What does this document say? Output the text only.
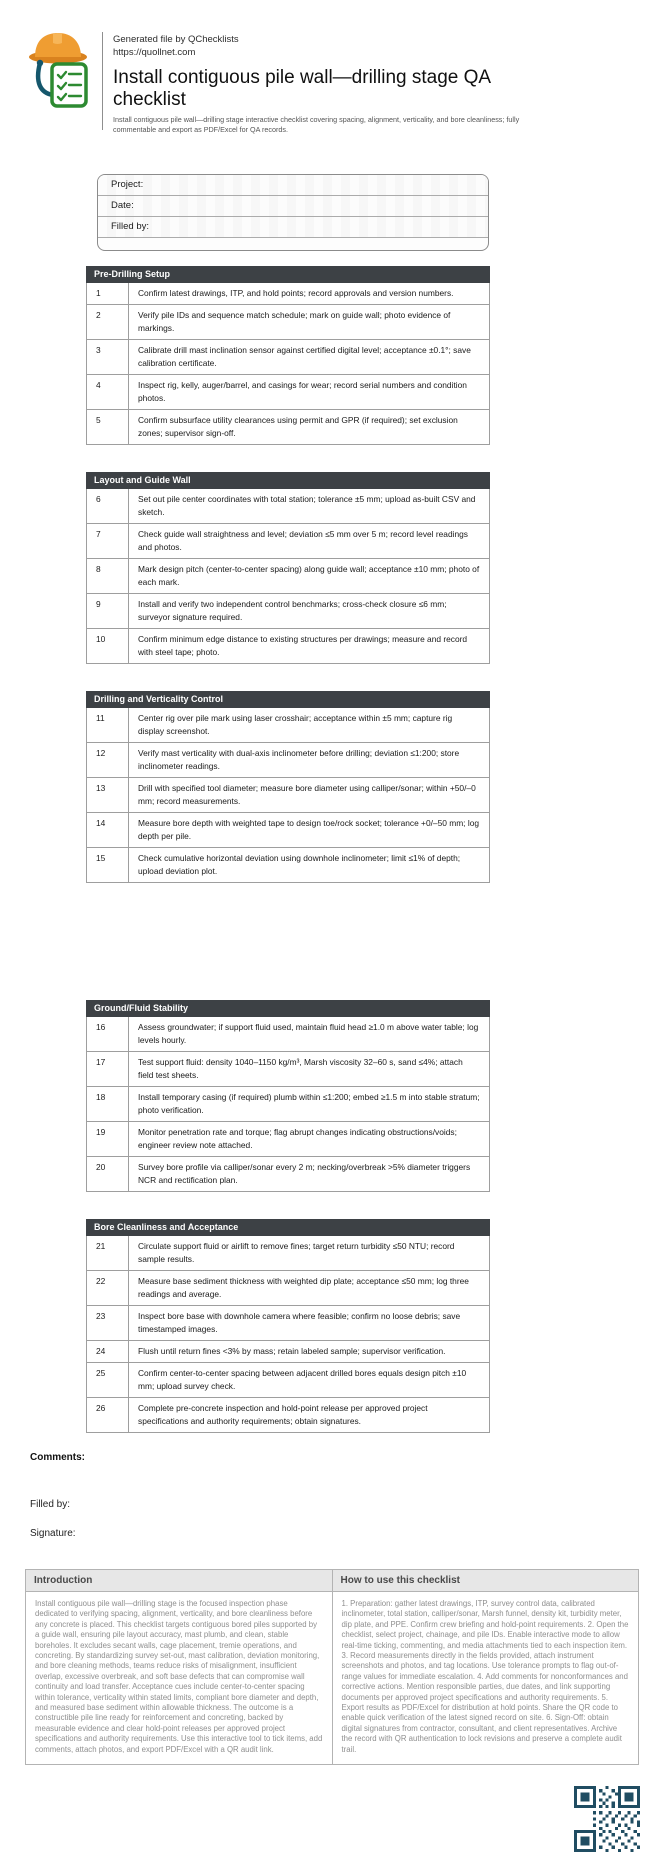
Generated file by QChecklists
https://quollnet.com
Install contiguous pile wall—drilling stage QA checklist
Install contiguous pile wall—drilling stage interactive checklist covering spacing, alignment, verticality, and bore cleanliness; fully commentable and export as PDF/Excel for QA records.
Project:
Date:
Filled by:
Pre-Drilling Setup
1	Confirm latest drawings, ITP, and hold points; record approvals and version numbers.
2	Verify pile IDs and sequence match schedule; mark on guide wall; photo evidence of markings.
3	Calibrate drill mast inclination sensor against certified digital level; acceptance ±0.1°; save calibration certificate.
4	Inspect rig, kelly, auger/barrel, and casings for wear; record serial numbers and condition photos.
5	Confirm subsurface utility clearances using permit and GPR (if required); set exclusion zones; supervisor sign-off.
Layout and Guide Wall
6	Set out pile center coordinates with total station; tolerance ±5 mm; upload as-built CSV and sketch.
7	Check guide wall straightness and level; deviation ≤5 mm over 5 m; record level readings and photos.
8	Mark design pitch (center-to-center spacing) along guide wall; acceptance ±10 mm; photo of each mark.
9	Install and verify two independent control benchmarks; cross-check closure ≤6 mm; surveyor signature required.
10	Confirm minimum edge distance to existing structures per drawings; measure and record with steel tape; photo.
Drilling and Verticality Control
11	Center rig over pile mark using laser crosshair; acceptance within ±5 mm; capture rig display screenshot.
12	Verify mast verticality with dual-axis inclinometer before drilling; deviation ≤1:200; store inclinometer readings.
13	Drill with specified tool diameter; measure bore diameter using calliper/sonar; within +50/–0 mm; record measurements.
14	Measure bore depth with weighted tape to design toe/rock socket; tolerance +0/–50 mm; log depth per pile.
15	Check cumulative horizontal deviation using downhole inclinometer; limit ≤1% of depth; upload deviation plot.
Ground/Fluid Stability
16	Assess groundwater; if support fluid used, maintain fluid head ≥1.0 m above water table; log levels hourly.
17	Test support fluid: density 1040–1150 kg/m³, Marsh viscosity 32–60 s, sand ≤4%; attach field test sheets.
18	Install temporary casing (if required) plumb within ≤1:200; embed ≥1.5 m into stable stratum; photo verification.
19	Monitor penetration rate and torque; flag abrupt changes indicating obstructions/voids; engineer review note attached.
20	Survey bore profile via calliper/sonar every 2 m; necking/overbreak >5% diameter triggers NCR and rectification plan.
Bore Cleanliness and Acceptance
21	Circulate support fluid or airlift to remove fines; target return turbidity ≤50 NTU; record sample results.
22	Measure base sediment thickness with weighted dip plate; acceptance ≤50 mm; log three readings and average.
23	Inspect bore base with downhole camera where feasible; confirm no loose debris; save timestamped images.
24	Flush until return fines <3% by mass; retain labeled sample; supervisor verification.
25	Confirm center-to-center spacing between adjacent drilled bores equals design pitch ±10 mm; upload survey check.
26	Complete pre-concrete inspection and hold-point release per approved project specifications and authority requirements; obtain signatures.
Comments:
Filled by:
Signature:
Introduction
Install contiguous pile wall—drilling stage is the focused inspection phase dedicated to verifying spacing, alignment, verticality, and bore cleanliness before any concrete is placed. This checklist targets contiguous bored piles supported by a guide wall, ensuring pile layout accuracy, mast plumb, and clean, stable boreholes. It excludes secant walls, cage placement, tremie operations, and concreting. By standardizing survey set-out, mast calibration, deviation monitoring, and bore cleaning methods, teams reduce risks of misalignment, insufficient overlap, excessive overbreak, and soft base defects that can compromise wall continuity and load transfer. Acceptance cues include center-to-center spacing within tolerance, verticality within stated limits, compliant bore diameter and depth, and measured base sediment within allowable thickness. The outcome is a constructible pile line ready for reinforcement and concreting, backed by measurable evidence and clear hold-point releases per approved project specifications and authority requirements. Use this interactive tool to tick items, add comments, attach photos, and export PDF/Excel with a QR audit link.
How to use this checklist
1. Preparation: gather latest drawings, ITP, survey control data, calibrated inclinometer, total station, calliper/sonar, Marsh funnel, density kit, turbidity meter, dip plate, and PPE. Confirm crew briefing and hold-point requirements. 2. Open the checklist, select project, chainage, and pile IDs. Enable interactive mode to allow real-time ticking, commenting, and media attachments tied to each inspection item. 3. Record measurements directly in the fields provided, attach instrument screenshots and photos, and tag locations. Use tolerance prompts to flag out-of-range values for immediate escalation. 4. Add comments for nonconformances and corrective actions. Mention responsible parties, due dates, and link supporting documents per approved project specifications and authority requirements. 5. Export results as PDF/Excel for distribution at hold points. Share the QR code to enable quick verification of the latest signed record on site. 6. Sign-Off: obtain digital signatures from contractor, consultant, and client representatives. Archive the record with QR authentication to lock revisions and preserve a complete audit trail.
